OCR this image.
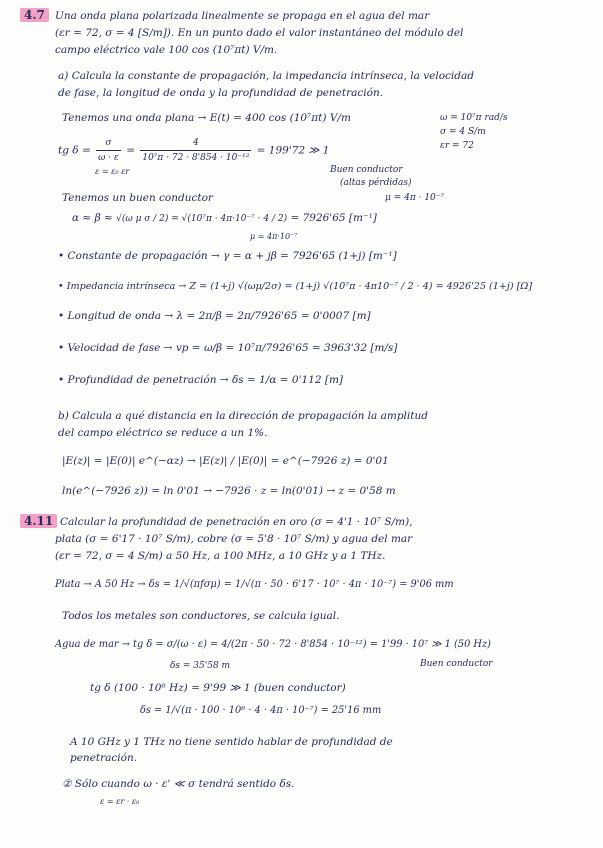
4.7 Una onda plana polarizada linealmente se propaga en el agua del mar
(εr = 72, σ = 4 [S/m]). En un punto dado el valor instantáneo del módulo del
campo eléctrico vale 100 cos (10⁷πt) V/m.
a) Calcula la constante de propagación, la impedancia intrínseca, la velocidad
de fase, la longitud de onda y la profundidad de penetración.
Tenemos una onda plana → E(t) = 400 cos (10⁷πt) V/m	ω = 10⁷π rad/s
σ = 4 S/m
εr = 72
tg $\delta = \frac{\sigma}{\omega \cdot \varepsilon} = \frac{4}{\text{10⁷π · 72 · 8'854 · 10⁻¹²}} = 199'72$ ≫ 1
ε = ε₀ εr	Buen conductor
(altas pérdidas)
μ = 4π · 10⁻⁷
Tenemos un buen conductor
α ≈ β ≈ √(ω μ σ / 2) = √(10⁷π · 4π·10⁻⁷ · 4 / 2) = 7926'65 [m⁻¹]
μ = 4π·10⁻⁷
• Constante de propagación → γ = α + jβ = 7926'65 (1+j) [m⁻¹]
• Impedancia intrínseca → Z = (1+j) √(ωμ/2σ) = (1+j) √(10⁷π · 4π10⁻⁷ / 2 · 4) = 4926'25 (1+j) [Ω]
• Longitud de onda → λ = 2π/β = 2π/7926'65 = 0'0007 [m]
• Velocidad de fase → vp = ω/β = 10⁷π/7926'65 = 3963'32 [m/s]
• Profundidad de penetración → δs = 1/α = 0'112 [m]
b) Calcula a qué distancia en la dirección de propagación la amplitud
del campo eléctrico se reduce a un 1%.
|E(z)| = |E(0)| e^(−αz) → |E(z)| / |E(0)| = e^(−7926 z) = 0'01
ln(e^(−7926 z)) = ln 0'01 → −7926 · z = ln(0'01) → z = 0'58 m
4.11 Calcular la profundidad de penetración en oro (σ = 4'1 · 10⁷ S/m),
plata (σ = 6'17 · 10⁷ S/m), cobre (σ = 5'8 · 10⁷ S/m) y agua del mar
(εr = 72, σ = 4 S/m) a 50 Hz, a 100 MHz, a 10 GHz y a 1 THz.
Plata → A 50 Hz → δs = 1/√(πfσμ) = 1/√(π · 50 · 6'17 · 10⁷ · 4π · 10⁻⁷) = 9'06 mm
Todos los metales son conductores, se calcula igual.
Agua de mar → tg δ = σ/(ω · ε) = 4/(2π · 50 · 72 · 8'854 · 10⁻¹²) = 1'99 · 10⁷ ≫ 1 (50 Hz)
δs = 35'58 m	Buen conductor
tg δ (100 · 10⁶ Hz) = 9'99 ≫ 1 (buen conductor)
δs = 1/√(π · 100 · 10⁶ · 4 · 4π · 10⁻⁷) = 25'16 mm
A 10 GHz y 1 THz no tiene sentido hablar de profundidad de
penetración.
② Sólo cuando ω · ε' ≪ σ tendrá sentido δs.
ε = εr · ε₀
